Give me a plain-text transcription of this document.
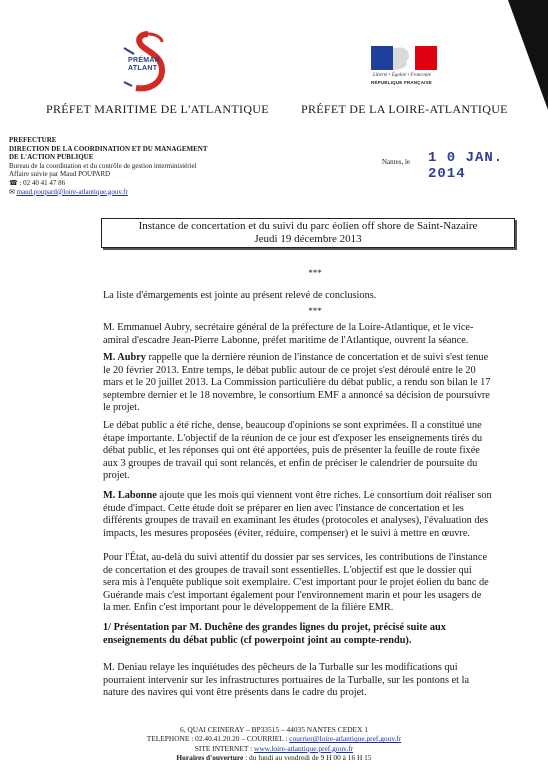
PRÉMAR
ATLANT
Liberté • Égalité • Fraternité
RÉPUBLIQUE FRANÇAISE
PRÉFET MARITIME DE L'ATLANTIQUE	PRÉFET DE LA LOIRE-ATLANTIQUE
PREFECTURE
DIRECTION DE LA COORDINATION ET DU MANAGEMENT
DE L'ACTION PUBLIQUE
Bureau de la coordination et du contrôle de gestion interministériel
Affaire suivie par Maud POUPARD
☎ : 02 40 41 47 86
✉ maud.poupard@loire-atlantique.gouv.fr
Nantes, le 1 0 JAN. 2014
Instance de concertation et du suivi du parc éolien off shore de Saint-Nazaire
Jeudi 19 décembre 2013
***
La liste d'émargements est jointe au présent relevé de conclusions.
***
M. Emmanuel Aubry, secrétaire général de la préfecture de la Loire-Atlantique, et le vice-
amiral d'escadre Jean-Pierre Labonne, préfet maritime de l'Atlantique, ouvrent la séance.
M. Aubry rappelle que la dernière réunion de l'instance de concertation et de suivi s'est tenue
le 20 février 2013. Entre temps, le débat public autour de ce projet s'est déroulé entre le 20
mars et le 20 juillet 2013. La Commission particulière du débat public, a rendu son bilan le 17
septembre dernier et le 18 novembre, le consortium EMF a annoncé sa décision de poursuivre
le projet.
Le débat public a été riche, dense, beaucoup d'opinions se sont exprimées. Il a constitué une
étape importante. L'objectif de la réunion de ce jour est d'exposer les enseignements tirés du
débat public, et les réponses qui ont été apportées, puis de présenter la feuille de route fixée
aux 3 groupes de travail qui sont relancés, et enfin de préciser le calendrier de poursuite du
projet.
M. Labonne ajoute que les mois qui viennent vont être riches. Le consortium doit réaliser son
étude d'impact. Cette étude doit se préparer en lien avec l'instance de concertation et les
différents groupes de travail en examinant les études (protocoles et analyses), l'évaluation des
impacts, les mesures proposées (éviter, réduire, compenser) et le suivi à mettre en œuvre.
Pour l'État, au-delà du suivi attentif du dossier par ses services, les contributions de l'instance
de concertation et des groupes de travail sont essentielles. L'objectif est que le dossier qui
sera mis à l'enquête publique soit exemplaire. C'est important pour le projet éolien du banc de
Guérande mais c'est important également pour l'environnement marin et pour les usagers de
la mer. Enfin c'est important pour le développement de la filière EMR.
1/ Présentation par M. Duchêne des grandes lignes du projet, précisé suite aux
enseignements du débat public (cf powerpoint joint au compte-rendu).
M. Deniau relaye les inquiétudes des pêcheurs de la Turballe sur les modifications qui
pourraient intervenir sur les infrastructures portuaires de la Turballe, sur les pontons et la
nature des navires qui vont être présents dans le cadre du projet.
6, QUAI CEINERAY – BP33515 – 44035 NANTES CEDEX 1
TELEPHONE : 02.40.41.20.20 – COURRIEL : courrier@loire-atlantique.pref.gouv.fr
SITE INTERNET : www.loire-atlantique.pref.gouv.fr
Horaires d'ouverture : du lundi au vendredi de 9 H 00 à 16 H 15
